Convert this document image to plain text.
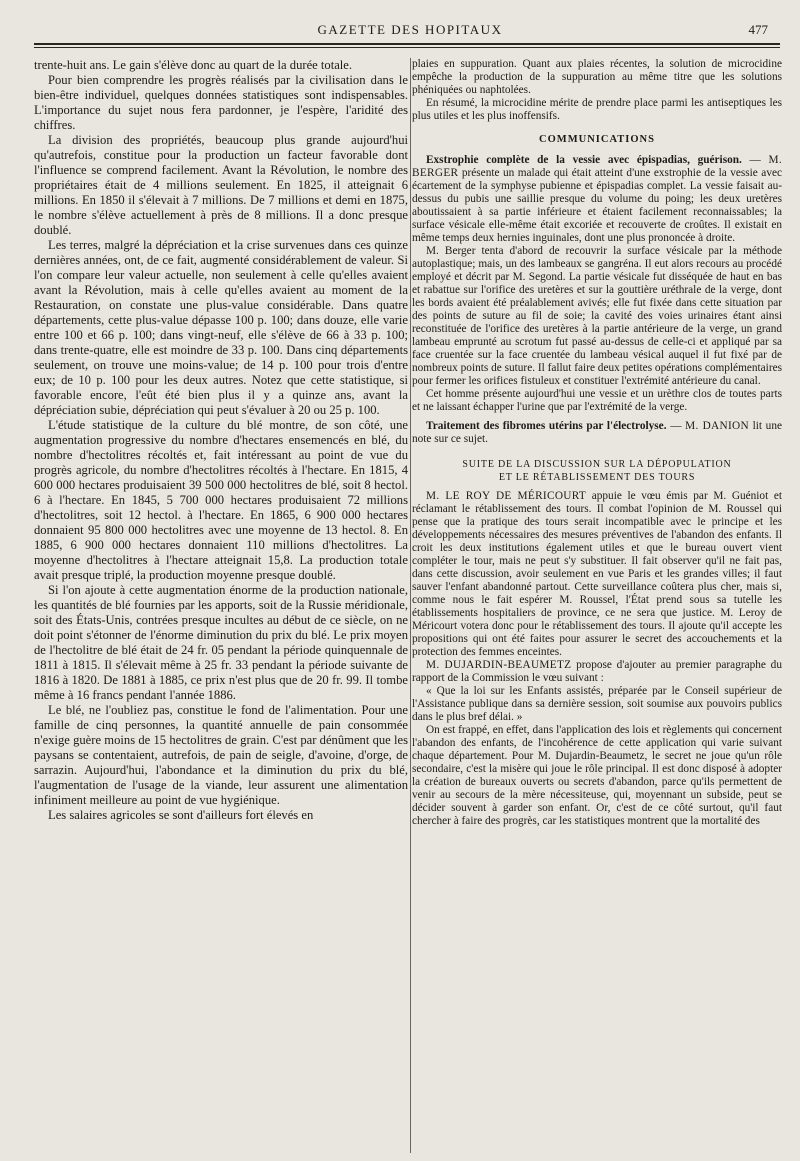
GAZETTE DES HOPITAUX	477

trente-huit ans. Le gain s'élève donc au quart de la durée totale.

Pour bien comprendre les progrès réalisés par la civilisation dans le bien-être individuel, quelques données statistiques sont indispensables. L'importance du sujet nous fera pardonner, je l'espère, l'aridité des chiffres.

La division des propriétés, beaucoup plus grande aujourd'hui qu'autrefois, constitue pour la production un facteur favorable dont l'influence se comprend facilement. Avant la Révolution, le nombre des propriétaires était de 4 millions seulement. En 1825, il atteignait 6 millions. En 1850 il s'élevait à 7 millions. De 7 millions et demi en 1875, le nombre s'élève actuellement à près de 8 millions. Il a donc presque doublé.

Les terres, malgré la dépréciation et la crise survenues dans ces quinze dernières années, ont, de ce fait, augmenté considérablement de valeur. Si l'on compare leur valeur actuelle, non seulement à celle qu'elles avaient avant la Révolution, mais à celle qu'elles avaient au moment de la Restauration, on constate une plus-value considérable. Dans quatre départements, cette plus-value dépasse 100 p. 100; dans douze, elle varie entre 100 et 66 p. 100; dans vingt-neuf, elle s'élève de 66 à 33 p. 100; dans trente-quatre, elle est moindre de 33 p. 100. Dans cinq départements seulement, on trouve une moins-value; de 14 p. 100 pour trois d'entre eux; de 10 p. 100 pour les deux autres. Notez que cette statistique, si favorable encore, l'eût été bien plus il y a quinze ans, avant la dépréciation subie, dépréciation qui peut s'évaluer à 20 ou 25 p. 100.

L'étude statistique de la culture du blé montre, de son côté, une augmentation progressive du nombre d'hectares ensemencés en blé, du nombre d'hectolitres récoltés et, fait intéressant au point de vue du progrès agricole, du nombre d'hectolitres récoltés à l'hectare. En 1815, 4 600 000 hectares produisaient 39 500 000 hectolitres de blé, soit 8 hectol. 6 à l'hectare. En 1845, 5 700 000 hectares produisaient 72 millions d'hectolitres, soit 12 hectol. à l'hectare. En 1865, 6 900 000 hectares donnaient 95 800 000 hectolitres avec une moyenne de 13 hectol. 8. En 1885, 6 900 000 hectares donnaient 110 millions d'hectolitres. La moyenne d'hectolitres à l'hectare atteignait 15,8. La production totale avait presque triplé, la production moyenne presque doublé.

Si l'on ajoute à cette augmentation énorme de la production nationale, les quantités de blé fournies par les apports, soit de la Russie méridionale, soit des États-Unis, contrées presque incultes au début de ce siècle, on ne doit point s'étonner de l'énorme diminution du prix du blé. Le prix moyen de l'hectolitre de blé était de 24 fr. 05 pendant la période quinquennale de 1811 à 1815. Il s'élevait même à 25 fr. 33 pendant la période suivante de 1816 à 1820. De 1881 à 1885, ce prix n'est plus que de 20 fr. 99. Il tombe même à 16 francs pendant l'année 1886.

Le blé, ne l'oubliez pas, constitue le fond de l'alimentation. Pour une famille de cinq personnes, la quantité annuelle de pain consommée n'exige guère moins de 15 hectolitres de grain. C'est par dénûment que les paysans se contentaient, autrefois, de pain de seigle, d'avoine, d'orge, de sarrazin. Aujourd'hui, l'abondance et la diminution du prix du blé, l'augmentation de l'usage de la viande, leur assurent une alimentation infiniment meilleure au point de vue hygiénique.

Les salaires agricoles se sont d'ailleurs fort élevés en

plaies en suppuration. Quant aux plaies récentes, la solution de microcidine empêche la production de la suppuration au même titre que les solutions phéniquées ou naphtolées.

En résumé, la microcidine mérite de prendre place parmi les antiseptiques les plus utiles et les plus inoffensifs.

COMMUNICATIONS

Exstrophie complète de la vessie avec épispadias, guérison. — M. BERGER présente un malade qui était atteint d'une exstrophie de la vessie avec écartement de la symphyse pubienne et épispadias complet. La vessie faisait au-dessus du pubis une saillie presque du volume du poing; les deux uretères aboutissaient à sa partie inférieure et étaient facilement reconnaissables; la surface vésicale elle-même était excoriée et recouverte de croûtes. Il existait en même temps deux hernies inguinales, dont une plus prononcée à droite.

M. Berger tenta d'abord de recouvrir la surface vésicale par la méthode autoplastique; mais, un des lambeaux se gangréna. Il eut alors recours au procédé employé et décrit par M. Segond. La partie vésicale fut disséquée de haut en bas et rabattue sur l'orifice des uretères et sur la gouttière uréthrale de la verge, dont les bords avaient été préalablement avivés; elle fut fixée dans cette situation par des points de suture au fil de soie; la cavité des voies urinaires étant ainsi reconstituée de l'orifice des uretères à la partie antérieure de la verge, un grand lambeau emprunté au scrotum fut passé au-dessus de celle-ci et appliqué par sa face cruentée sur la face cruentée du lambeau vésical auquel il fut fixé par de nombreux points de suture. Il fallut faire deux petites opérations complémentaires pour fermer les orifices fistuleux et constituer l'extrémité antérieure du canal.

Cet homme présente aujourd'hui une vessie et un urèthre clos de toutes parts et ne laissant échapper l'urine que par l'extrémité de la verge.

Traitement des fibromes utérins par l'électrolyse. — M. DANION lit une note sur ce sujet.

SUITE DE LA DISCUSSION SUR LA DÉPOPULATION
ET LE RÉTABLISSEMENT DES TOURS

M. LE ROY DE MÉRICOURT appuie le vœu émis par M. Guéniot et réclamant le rétablissement des tours. Il combat l'opinion de M. Roussel qui pense que la pratique des tours serait incompatible avec le principe et les développements nécessaires des mesures préventives de l'abandon des enfants. Il croit les deux institutions également utiles et que le bureau ouvert vient compléter le tour, mais ne peut s'y substituer. Il fait observer qu'il ne fait pas, dans cette discussion, avoir seulement en vue Paris et les grandes villes; il faut sauver l'enfant abandonné partout. Cette surveillance coûtera plus cher, mais si, comme nous le fait espérer M. Roussel, l'État prend sous sa tutelle les établissements hospitaliers de province, ce ne sera que justice. M. Leroy de Méricourt votera donc pour le rétablissement des tours. Il ajoute qu'il accepte les propositions qui ont été faites pour assurer le secret des accouchements et la protection des femmes enceintes.

M. DUJARDIN-BEAUMETZ propose d'ajouter au premier paragraphe du rapport de la Commission le vœu suivant :

« Que la loi sur les Enfants assistés, préparée par le Conseil supérieur de l'Assistance publique dans sa dernière session, soit soumise aux pouvoirs publics dans le plus bref délai. »

On est frappé, en effet, dans l'application des lois et règlements qui concernent l'abandon des enfants, de l'incohérence de cette application qui varie suivant chaque département. Pour M. Dujardin-Beaumetz, le secret ne joue qu'un rôle secondaire, c'est la misère qui joue le rôle principal. Il est donc disposé à adopter la création de bureaux ouverts ou secrets d'abandon, parce qu'ils permettent de venir au secours de la mère nécessiteuse, qui, moyennant un subside, peut se décider souvent à garder son enfant. Or, c'est de ce côté surtout, qu'il faut chercher à faire des progrès, car les statistiques montrent que la mortalité des
